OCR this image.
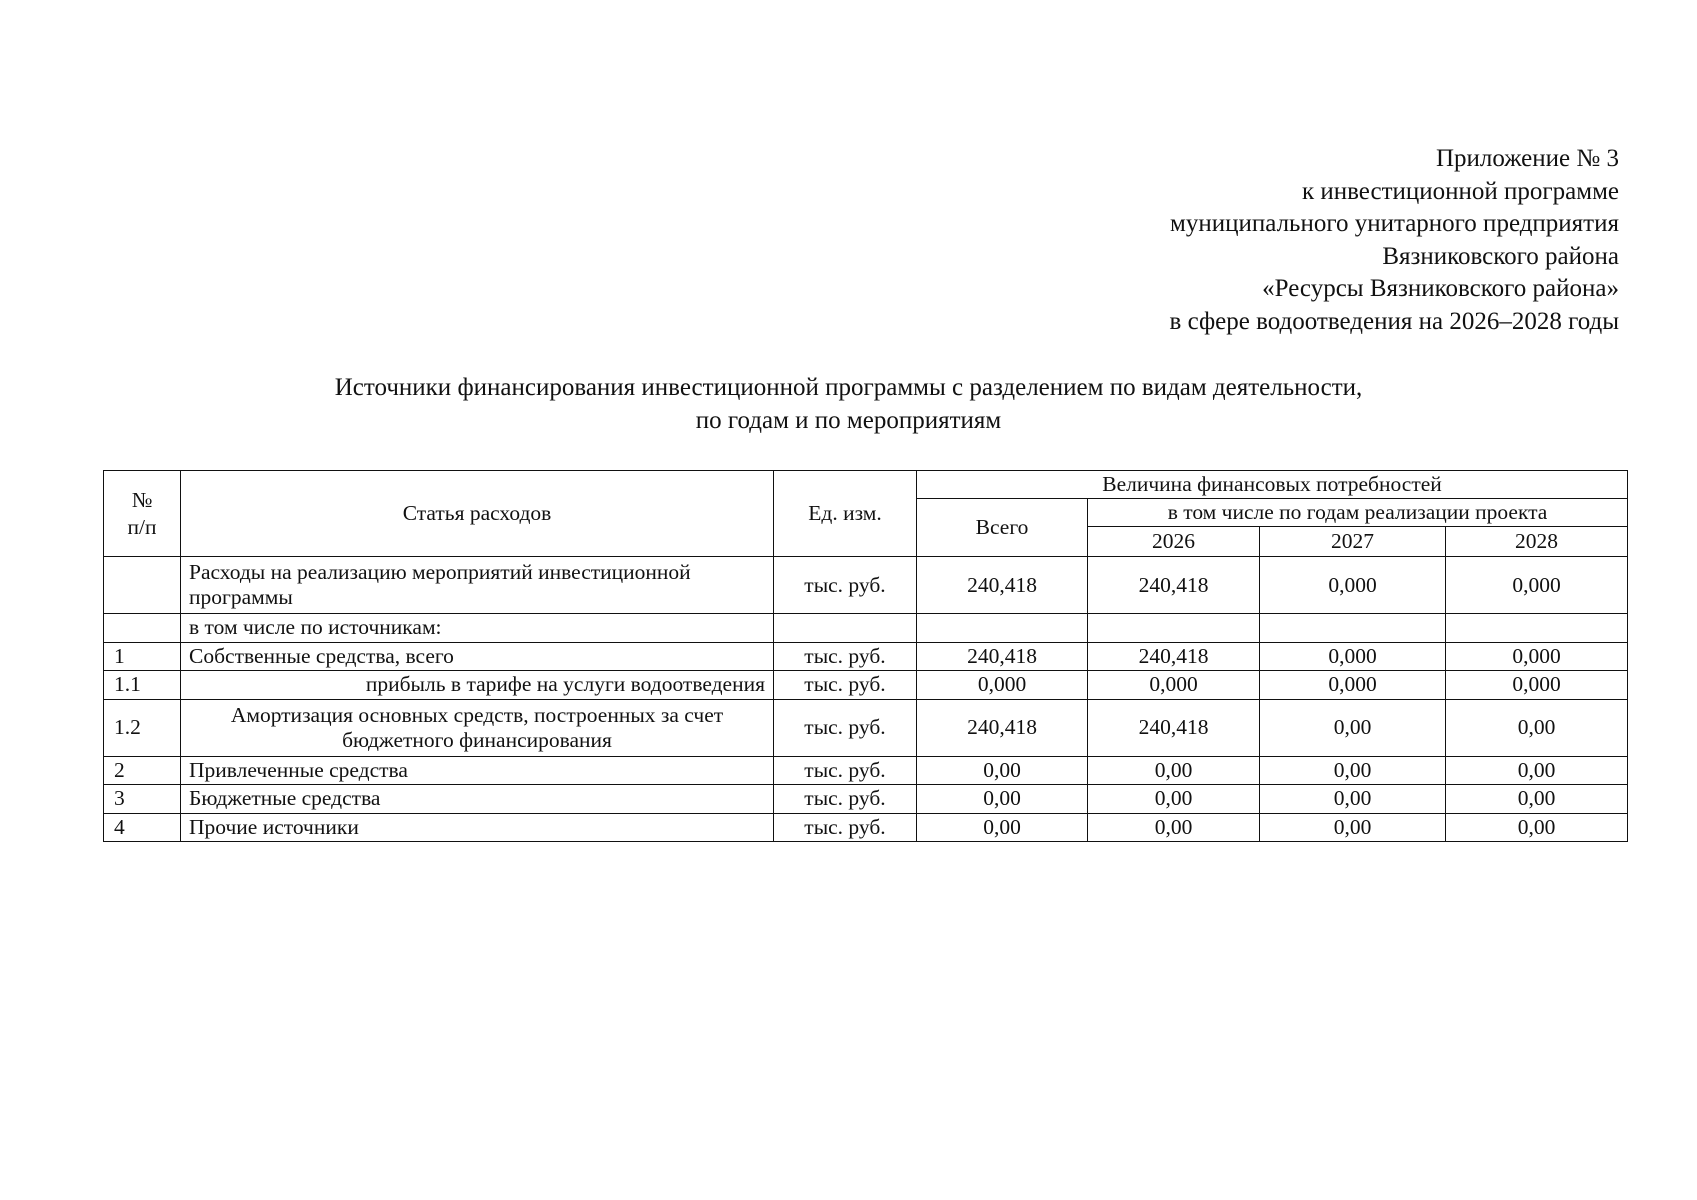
Приложение № 3
к инвестиционной программе
муниципального унитарного предприятия
Вязниковского района
«Ресурсы Вязниковского района»
в сфере водоотведения на 2026–2028 годы
Источники финансирования инвестиционной программы с разделением по видам деятельности,
по годам и по мероприятиям
№
п/п	Статья расходов	Ед. изм.	Величина финансовых потребностей			
			Всего	в том числе по годам реализации проекта		
				2026	2027	2028
	Расходы на реализацию мероприятий инвестиционной программы	тыс. руб.	240,418	240,418	0,000	0,000
	в том числе по источникам:					
1	Собственные средства, всего	тыс. руб.	240,418	240,418	0,000	0,000
1.1	прибыль в тарифе на услуги водоотведения	тыс. руб.	0,000	0,000	0,000	0,000
1.2	Амортизация основных средств, построенных за счет бюджетного финансирования	тыс. руб.	240,418	240,418	0,00	0,00
2	Привлеченные средства	тыс. руб.	0,00	0,00	0,00	0,00
3	Бюджетные средства	тыс. руб.	0,00	0,00	0,00	0,00
4	Прочие источники	тыс. руб.	0,00	0,00	0,00	0,00
